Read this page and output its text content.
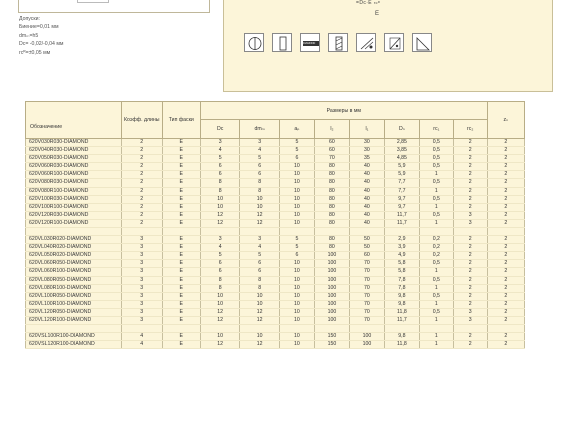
Допуски:
Биение=0,01 мм
dmₘ=h5
Dᴄ= -0,02/-0,04 мм
rᴄᴿ=±0,05 мм
=Dᴄ·E rᴄᴿ
E
DIAMOND
Обозначение	Коэфф. длины	Тип фаски	Размеры в мм								zₙ
			Dᴄ	dmₘ	aₚ	l₂	l₁	Dₙ	rᴄ₁	rᴄ₂	
620V030R030-DIAMOND	2	E	3	3	5	60	30	2,85	0,5	2	2
620V040R030-DIAMOND	2	E	4	4	5	60	30	3,85	0,5	2	2
620V050R030-DIAMOND	2	E	5	5	6	70	35	4,85	0,5	2	2
620V060R030-DIAMOND	2	E	6	6	10	80	40	5,9	0,5	2	2
620V060R100-DIAMOND	2	E	6	6	10	80	40	5,9	1	2	2
620V080R030-DIAMOND	2	E	8	8	10	80	40	7,7	0,5	2	2
620V080R100-DIAMOND	2	E	8	8	10	80	40	7,7	1	2	2
620V100R030-DIAMOND	2	E	10	10	10	80	40	9,7	0,5	2	2
620V100R100-DIAMOND	2	E	10	10	10	80	40	9,7	1	2	2
620V120R030-DIAMOND	2	E	12	12	10	80	40	11,7	0,5	3	2
620V120R100-DIAMOND	2	E	12	12	10	80	40	11,7	1	3	2

620VL030R020-DIAMOND	3	E	3	3	5	80	50	2,9	0,2	2	2
620VL040R020-DIAMOND	3	E	4	4	5	80	50	3,9	0,2	2	2
620VL050R020-DIAMOND	3	E	5	5	6	100	60	4,9	0,2	2	2
620VL060R050-DIAMOND	3	E	6	6	10	100	70	5,8	0,5	2	2
620VL060R100-DIAMOND	3	E	6	6	10	100	70	5,8	1	2	2
620VL080R050-DIAMOND	3	E	8	8	10	100	70	7,8	0,5	2	2
620VL080R100-DIAMOND	3	E	8	8	10	100	70	7,8	1	2	2
620VL100R050-DIAMOND	3	E	10	10	10	100	70	9,8	0,5	2	2
620VL100R100-DIAMOND	3	E	10	10	10	100	70	9,8	1	2	2
620VL120R050-DIAMOND	3	E	12	12	10	100	70	11,8	0,5	3	2
620VL120R100-DIAMOND	3	E	12	12	10	100	70	11,7	1	3	2

620VSL100R100-DIAMOND	4	E	10	10	10	150	100	9,8	1	2	2
620VSL120R100-DIAMOND	4	E	12	12	10	150	100	11,8	1	2	2
